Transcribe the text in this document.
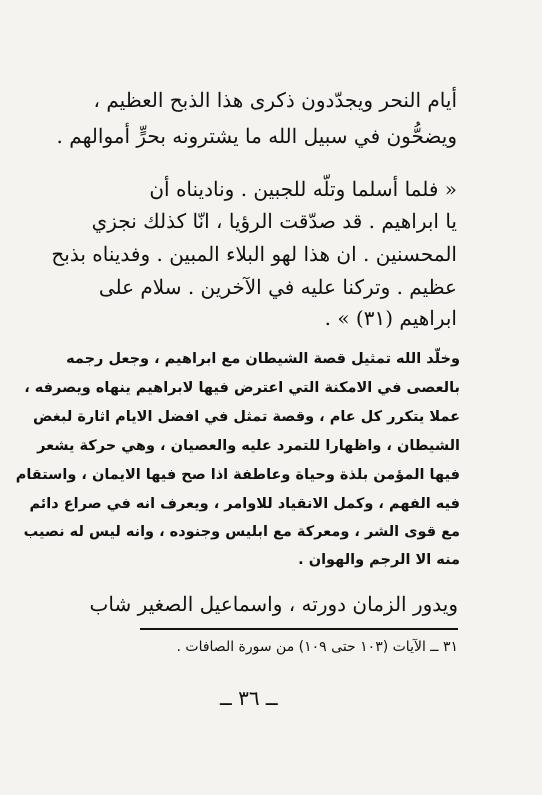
أيام النحر ويجدّدون ذكرى هذا الذبح العظيم ،
ويضحُّون في سبيل الله ما يشترونه بحرٍّ أموالهم .
« فلما أسلما وتلّه للجبين . وناديناه أن
يا ابراهيم . قد صدّقت الرؤيا ، انّا كذلك نجزي
المحسنين . ان هذا لهو البلاء المبين . وفديناه بذبح
عظيم . وتركنا عليه في الآخرين . سلام على
ابراهيم (٣١) » .
وخلّد الله تمثيل قصة الشيطان مع ابراهيم ، وجعل رجمه
بالعصى في الامكنة التي اعترض فيها لابراهيم ينهاه ويصرفه ،
عملا يتكرر كل عام ، وقصة تمثل في افضل الايام اثارة لبغض
الشيطان ، واظهارا للتمرد عليه والعصيان ، وهي حركة يشعر
فيها المؤمن بلذة وحياة وعاطفة اذا صح فيها الايمان ، واستقام
فيه الفهم ، وكمل الانقياد للاوامر ، ويعرف انه في صراع دائم
مع قوى الشر ، ومعركة مع ابليس وجنوده ، وانه ليس له نصيب
منه الا الرجم والهوان .
ويدور الزمان دورته ، واسماعيل الصغير شاب
٣١ ــ الآيات (١٠٣ حتى ١٠٩) من سورة الصافات .
ــ ٣٦ ــ
